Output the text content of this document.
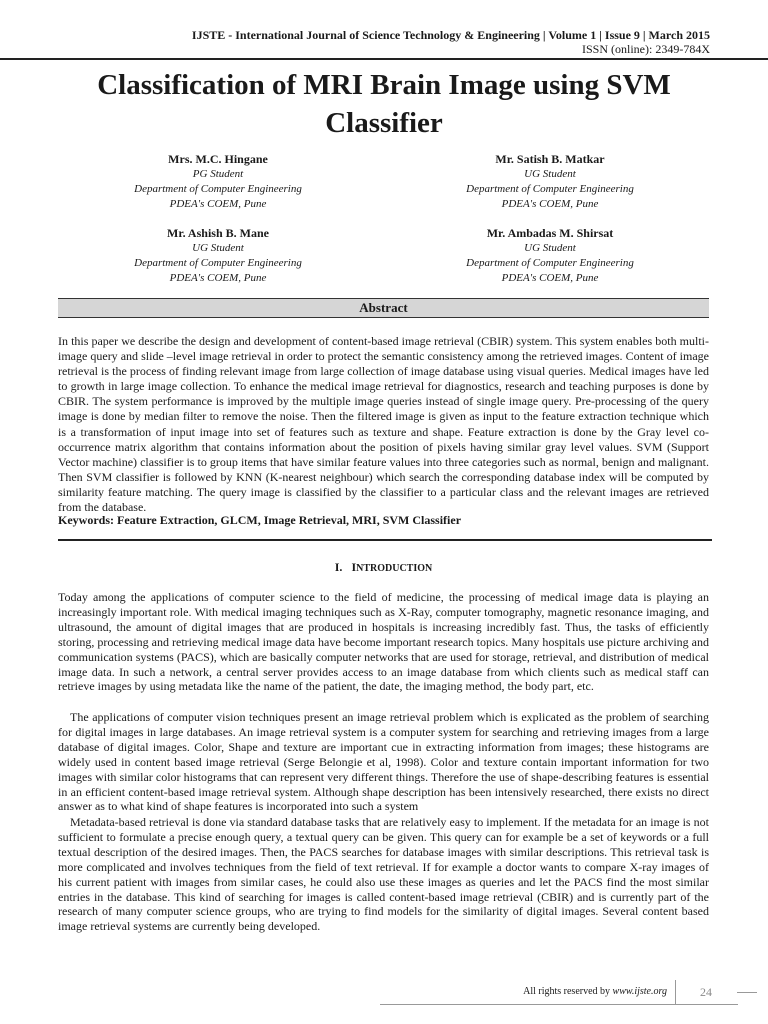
IJSTE - International Journal of Science Technology & Engineering | Volume 1 | Issue 9 | March 2015
ISSN (online): 2349-784X
Classification of MRI Brain Image using SVM Classifier
Mrs. M.C. Hingane
PG Student
Department of Computer Engineering
PDEA's COEM, Pune
Mr. Satish B. Matkar
UG Student
Department of Computer Engineering
PDEA's COEM, Pune
Mr. Ashish B. Mane
UG Student
Department of Computer Engineering
PDEA's COEM, Pune
Mr. Ambadas M. Shirsat
UG Student
Department of Computer Engineering
PDEA's COEM, Pune
Abstract

In this paper we describe the design and development of content-based image retrieval (CBIR) system. This system enables both multi-image query and slide –level image retrieval in order to protect the semantic consistency among the retrieved images. Content of image retrieval is the process of finding relevant image from large collection of image database using visual queries. Medical images have led to growth in large image collection. To enhance the medical image retrieval for diagnostics, research and teaching purposes is done by CBIR. The system performance is improved by the multiple image queries instead of single image query. Pre-processing of the query image is done by median filter to remove the noise. Then the filtered image is given as input to the feature extraction technique which is a transformation of input image into set of features such as texture and shape. Feature extraction is done by the Gray level co-occurrence matrix algorithm that contains information about the position of pixels having similar gray level values. SVM (Support Vector machine) classifier is to group items that have similar feature values into three categories such as normal, benign and malignant. Then SVM classifier is followed by KNN (K-nearest neighbour) which search the corresponding database index will be computed by similarity feature matching. The query image is classified by the classifier to a particular class and the relevant images are retrieved from the database.

Keywords: Feature Extraction, GLCM, Image Retrieval, MRI, SVM Classifier
I. INTRODUCTION

Today among the applications of computer science to the field of medicine, the processing of medical image data is playing an increasingly important role. With medical imaging techniques such as X-Ray, computer tomography, magnetic resonance imaging, and ultrasound, the amount of digital images that are produced in hospitals is increasing incredibly fast. Thus, the tasks of efficiently storing, processing and retrieving medical image data have become important research topics. Many hospitals use picture archiving and communication systems (PACS), which are basically computer networks that are used for storage, retrieval, and distribution of medical image data. In such a network, a central server provides access to an image database from which clients such as medical staff can retrieve images by using metadata like the name of the patient, the date, the imaging method, the body part, etc.

The applications of computer vision techniques present an image retrieval problem which is explicated as the problem of searching for digital images in large databases. An image retrieval system is a computer system for searching and retrieving images from a large database of digital images. Color, Shape and texture are important cue in extracting information from images; these histograms are widely used in content based image retrieval (Serge Belongie et al, 1998). Color and texture contain important information for two images with similar color histograms that can represent very different things. Therefore the use of shape-describing features is essential in an efficient content-based image retrieval system. Although shape description has been intensively researched, there exists no direct answer as to what kind of shape features is incorporated into such a system

Metadata-based retrieval is done via standard database tasks that are relatively easy to implement. If the metadata for an image is not sufficient to formulate a precise enough query, a textual query can be given. This query can for example be a set of keywords or a full textual description of the desired images. Then, the PACS searches for database images with similar descriptions. This retrieval task is more complicated and involves techniques from the field of text retrieval. If for example a doctor wants to compare X-ray images of his current patient with images from similar cases, he could also use these images as queries and let the PACS find the most similar entries in the database. This kind of searching for images is called content-based image retrieval (CBIR) and is currently part of the research of many computer science groups, who are trying to find models for the similarity of digital images. Several content based image retrieval systems are currently being developed.

All rights reserved by www.ijste.org	24
